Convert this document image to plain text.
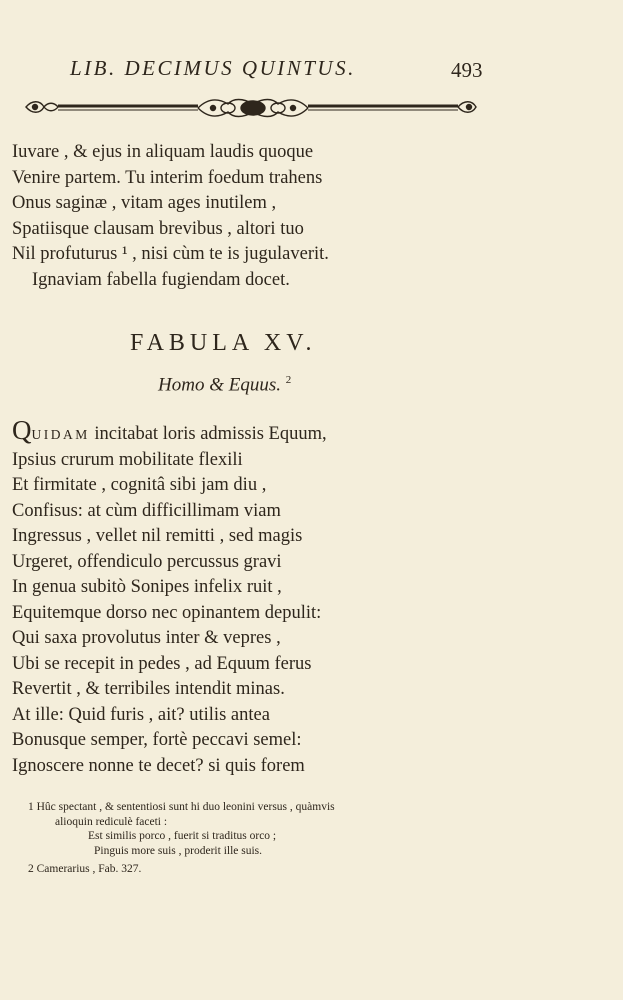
LIB. DECIMUS QUINTUS.	493
Iuvare , & ejus in aliquam laudis quoque
Venire partem. Tu interim foedum trahens
Onus saginæ , vitam ages inutilem ,
Spatiisque clausam brevibus , altori tuo
Nil profuturus ¹ , nisi cùm te is jugulaverit.
Ignaviam fabella fugiendam docet.
FABULA XV.
Homo & Equus. $^2$
QUIDAM incitabat loris admissis Equum,
Ipsius crurum mobilitate flexili
Et firmitate , cognitâ sibi jam diu ,
Confisus: at cùm difficillimam viam
Ingressus , vellet nil remitti , sed magis
Urgeret, offendiculo percussus gravi
In genua subitò Sonipes infelix ruit ,
Equitemque dorso nec opinantem depulit:
Qui saxa provolutus inter & vepres ,
Ubi se recepit in pedes , ad Equum ferus
Revertit , & terribiles intendit minas.
At ille: Quid furis , ait? utilis antea
Bonusque semper, fortè peccavi semel:
Ignoscere nonne te decet? si quis forem
1 Hûc spectant , & sententiosi sunt hi duo leonini versus , quàmvis
alioquin rediculè faceti :
Est similis porco , fuerit si traditus orco ;
Pinguis more suis , proderit ille suis.
2 Camerarius , Fab. 327.
